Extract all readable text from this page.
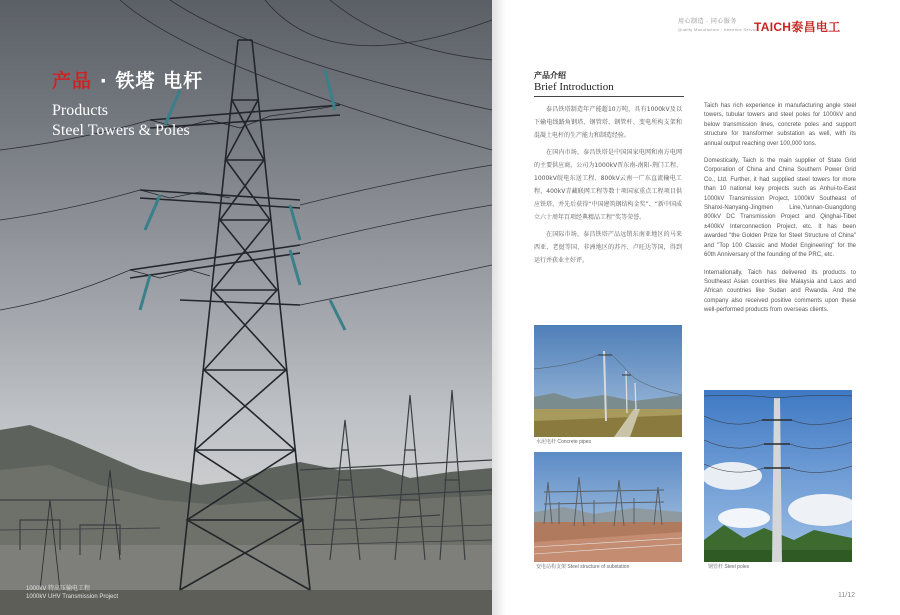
产品 · 铁塔 电杆
Products
Steel Towers & Poles
1000kV 特高压输电工程
1000kV UHV Transmission Project
用心制造 · 同心服务
Quality Manufacture · Attentive Service
TAICH泰昌电工
产品介绍
Brief Introduction

泰昌铁塔制造年产能超10万吨，具有1000kV及以下输电线路角钢塔、钢管塔、钢管杆、变电所构支架和混凝土电杆的生产能力和制造经验。

在国内市场，泰昌铁塔是中国国家电网和南方电网的主要供应商，公司为1000kV晋东南-南阳-荆门工程、1000kV皖电东送工程、800kV云南一广东直流输电工程、400kV青藏联网工程等数十项国家重点工程项目供应铁塔，并先后获得“中国建筑钢结构金奖”、“新中国成立六十周年百项经典精品工程”奖等荣誉。

在国际市场，泰昌铁塔产品远销东南亚地区的马来西亚、老挝等国、非洲地区的苏丹、卢旺达等国，得到运行并获业主好评。

Taich has rich experience in manufacturing angle steel towers, tubular towers and steel poles for 1000kV and below transmission lines, concrete poles and support structure for transformer substation as well, with its annual output reaching over 100,000 tons.

Domestically, Taich is the main supplier of State Grid Corporation of China and China Southern Power Grid Co., Ltd. Further, it had supplied steel towers for more than 10 national key projects such as Anhui-to-East 1000kV Transmission Project, 1000kV Southeast of Shanxi-Nanyang-Jingmen Line,Yunnan-Guangdong 800kV DC Transmission Project and Qinghai-Tibet ±400kV Interconnection Project, etc. It has been awarded "the Golden Prize for Steel Structure of China" and "Top 100 Classic and Model Engineering" for the 60th Anniversary of the founding of the PRC, etc.

Internationally, Taich has delivered its products to Southeast Asian countries like Malaysia and Laos and African countries like Sudan and Rwanda. And the company also received positive comments upon these well-performed products from overseas clients.

水泥电杆 Concrete pipes
变电站构支架 Steel structure of substation	钢管杆 Steel poles
11/12
